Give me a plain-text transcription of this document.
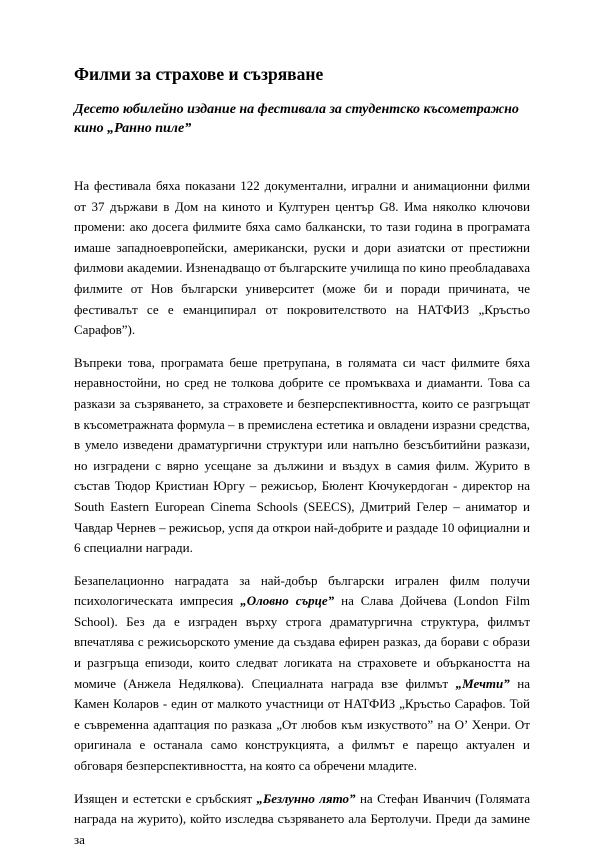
Филми за страхове и съзряване
Десето юбилейно издание на фестивала за студентско късометражно кино „Ранно пиле”

На фестивала бяха показани 122 документални, игрални и анимационни филми от 37 държави в Дом на киното и Културен център G8. Има няколко ключови промени: ако досега филмите бяха само балкански, то тази година в програмата имаше западноевропейски, американски, руски и дори азиатски от престижни филмови академии. Изненадващо от българските училища по кино преобладаваха филмите от Нов български университет (може би и поради причината, че фестивалът се е еманципирал от покровителството на НАТФИЗ „Кръстьо Сарафов”).

Въпреки това, програмата беше претрупана, в голямата си част филмите бяха неравностойни, но сред не толкова добрите се промъкваха и диаманти. Това са разкази за съзряването, за страховете и безперспективността, които се разгръщат в късометражната формула – в премислена естетика и овладени изразни средства, в умело изведени драматургични структури или напълно безсъбитийни разкази, но изградени с вярно усещане за дължини и въздух в самия филм. Журито в състав Тюдор Кристиан Юргу – режисьор, Бюлент Кючукердоган - директор на South Eastern European Cinema Schools (SEECS), Дмитрий Гелер – аниматор и Чавдар Чернев – режисьор, успя да открои най-добрите и раздаде 10 официални и 6 специални награди.

Безапелационно наградата за най-добър български игрален филм получи психологическата импресия „Оловно сърце” на Слава Дойчева (London Film School). Без да е изграден върху строга драматургична структура, филмът впечатлява с режисьорското умение да създава ефирен разказ, да борави с образи и разгръща епизоди, които следват логиката на страховете и объркаността на момиче (Анжела Недялкова). Специалната награда взе филмът „Мечти” на Камен Коларов - един от малкото участници от НАТФИЗ „Кръстьо Сарафов. Той е съвременна адаптация по разказа „От любов към изкуството” на О’ Хенри. От оригинала е останала само конструкцията, а филмът е парещо актуален и обговаря безперспективността, на която са обречени младите.

Изящен и естетски е сръбският „Безлунно лято” на Стефан Иванчич (Голямата награда на журито), който изследва съзряването ала Бертолучи. Преди да замине за
